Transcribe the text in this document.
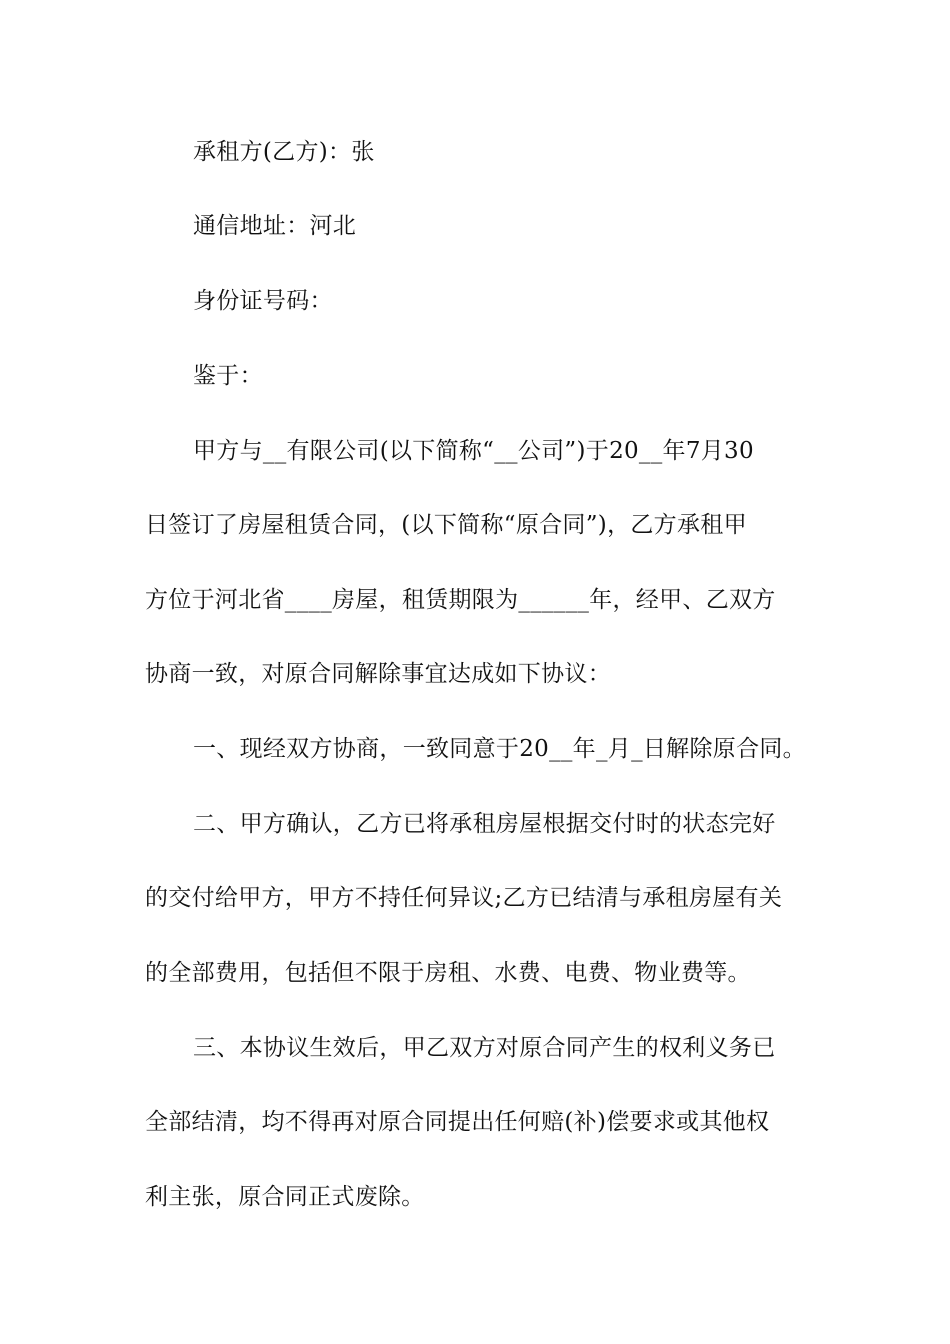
承租方(乙方)：张
通信地址：河北
身份证号码：
鉴于：
甲方与__有限公司(以下简称“__公司”)于20__年7月30
日签订了房屋租赁合同，(以下简称“原合同”)，乙方承租甲
方位于河北省____房屋，租赁期限为______年，经甲、乙双方
协商一致，对原合同解除事宜达成如下协议：
一、现经双方协商，一致同意于20__年_月_日解除原合同。
二、甲方确认，乙方已将承租房屋根据交付时的状态完好
的交付给甲方，甲方不持任何异议;乙方已结清与承租房屋有关
的全部费用，包括但不限于房租、水费、电费、物业费等。
三、本协议生效后，甲乙双方对原合同产生的权利义务已
全部结清，均不得再对原合同提出任何赔(补)偿要求或其他权
利主张，原合同正式废除。
